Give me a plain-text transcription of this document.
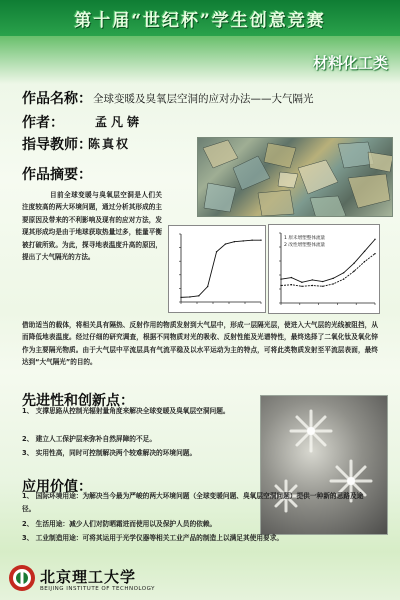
第十届“世纪杯”学生创意竞赛
材料化工类
作品名称： 全球变暖及臭氧层空洞的应对办法——大气隔光
作者：	孟凡锛
指导教师：
陈真权
作品摘要：
目前全球变暖与臭氧层空洞是人们关注度较高的两大环境问题，通过分析其形成的主要原因及带来的不利影响及现有的应对方法，发现其形成均是由于地球获取热量过多，能量平衡被打破所致。为此，探寻地表温度升高的原因，提出了大气隔光的方法。
1 原未增塑整体流量
2 改性增塑整体流量
借助适当的载体，将相关具有隔热、反射作用的物质发射到大气层中，形成一层隔光层，使进入大气层的光线被阻挡，从而降低地表温度。经过仔细的研究调查，根据不同物质对光的吸收、反射性能及光谱特性，最终选择了二氧化钛及氧化锌作为主要隔光物质。由于大气层中平流层具有气流平稳及以水平运动为主的特点，可将此类物质发射至平流层表面，最终达到“大气隔光”的目的。
先进性和创新点：
1、 支撑思路从控制光辐射量角度来解决全球变暖及臭氧层空洞问题。
2、 建立人工保护层来弥补自然屏障的不足。
3、 实用性高，同时可控制解决两个较难解决的环境问题。
应用价值：
1、 国际环境用途：为解决当今最为严峻的两大环境问题（全球变暖问题、臭氧层空洞问题）提供一种新的思路及途径。
2、 生活用途：减少人们对防晒霜进而使用以及保护人员的依赖。
3、 工业制造用途：可将其运用于光学仪器等相关工业产品的制造上以满足其使用要求。
北京理工大学
BEIJING INSTITUTE OF TECHNOLOGY
